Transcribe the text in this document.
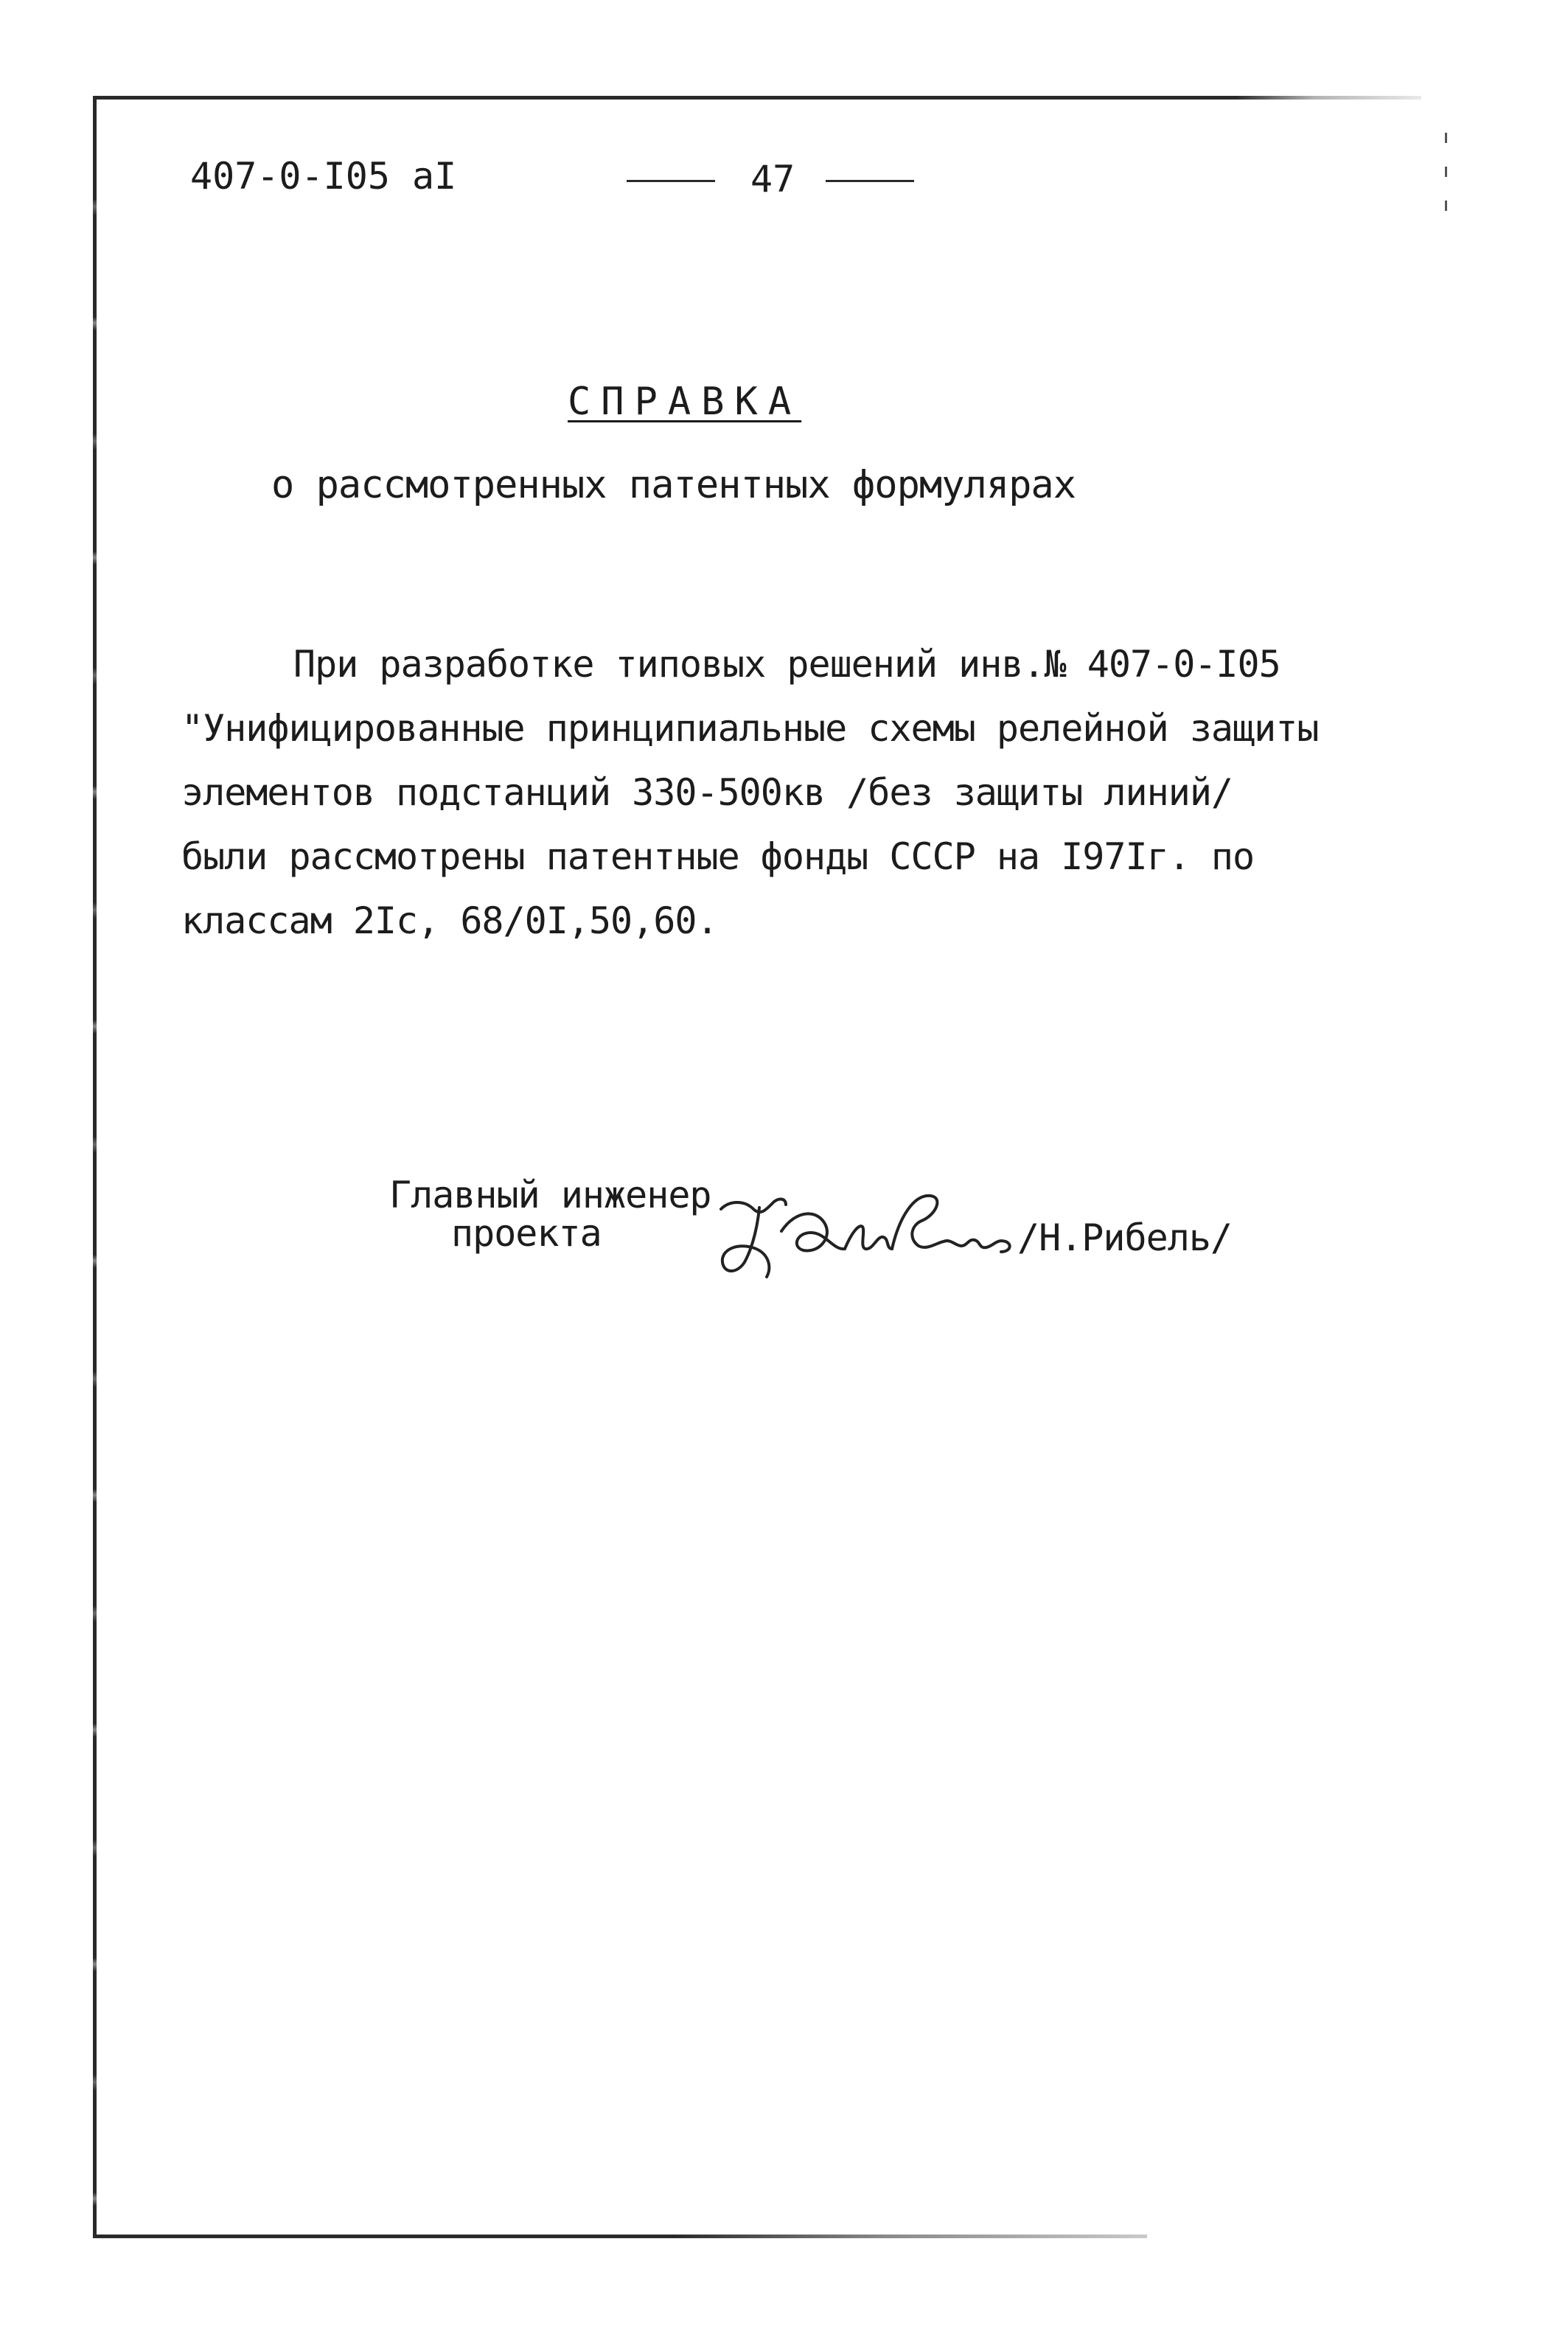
407-0-I05 aI	47
СПРАВКА
о рассмотренных патентных формулярах
При разработке типовых решений инв.№ 407-0-I05
"Унифицированные принципиальные схемы релейной защиты
элементов подстанций 330-500кв /без защиты линий/
были рассмотрены патентные фонды СССР на I97Iг. по
классам 2Iс, 68/0I,50,60.
Главный инженер
проекта	/Н.Рибель/
